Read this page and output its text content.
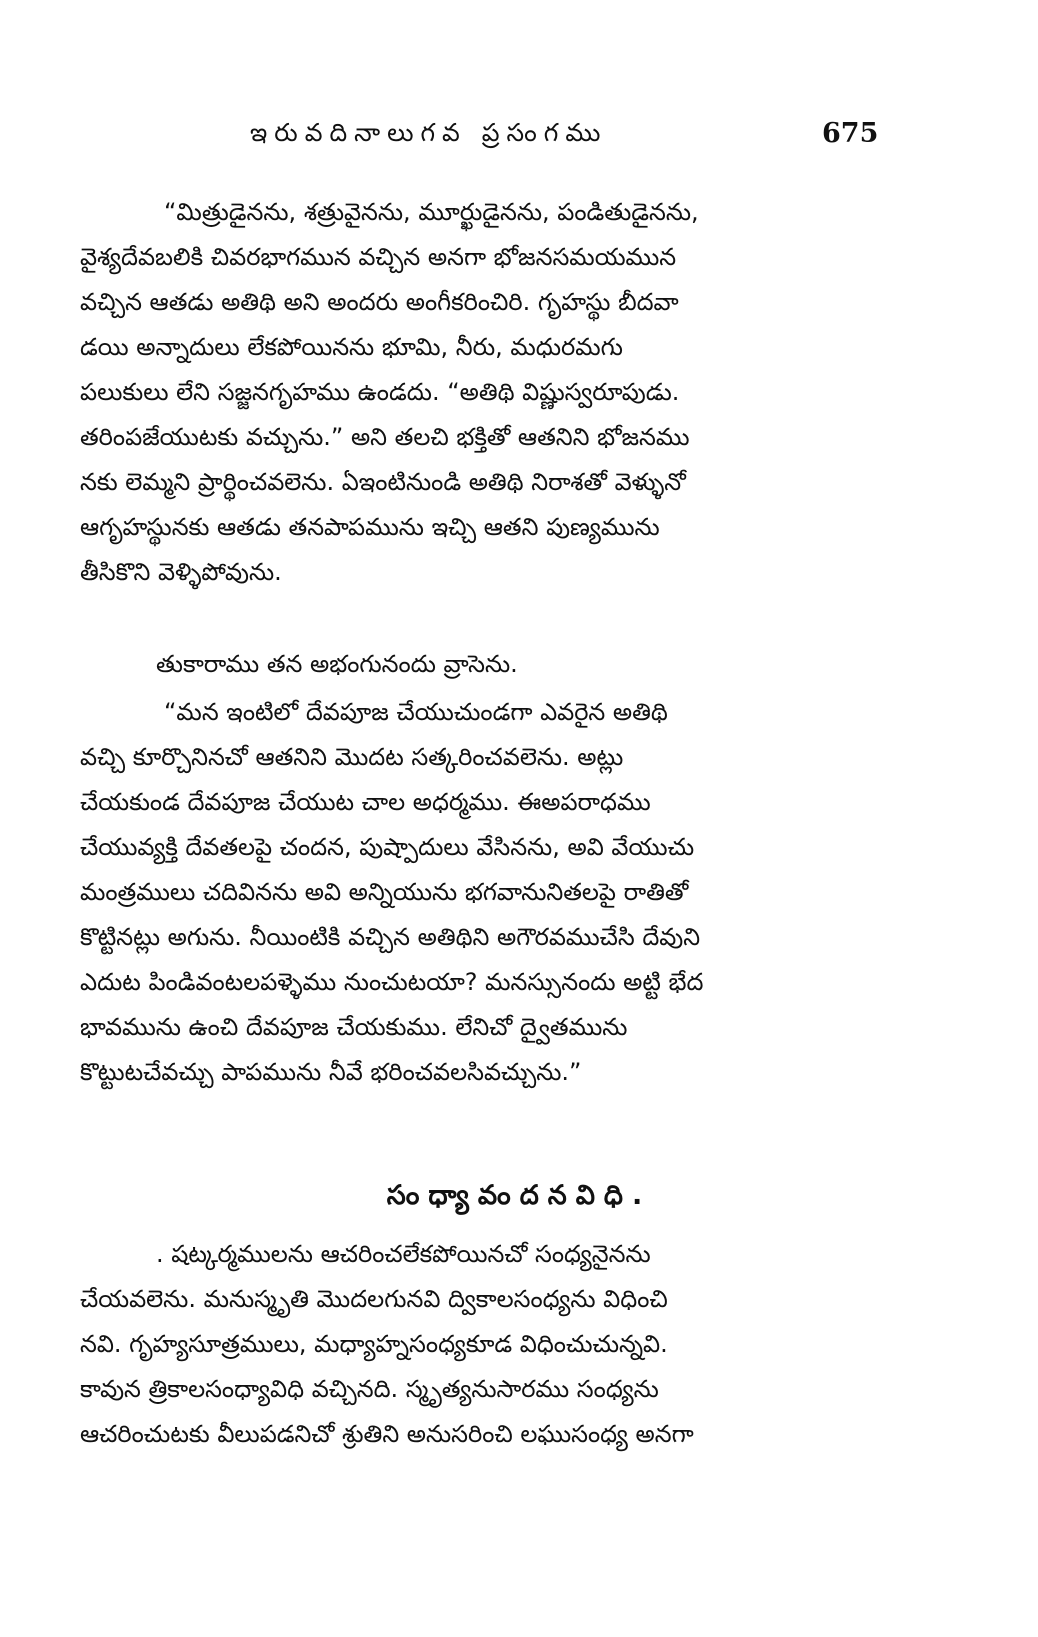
ఇరువదినాలుగవ ప్రసంగము	675
“మిత్రుడైనను, శత్రువైనను, మూర్ఖుడైనను, పండితుడైనను,
వైశ్యదేవబలికి చివరభాగమున వచ్చిన అనగా భోజనసమయమున
వచ్చిన ఆతడు అతిథి అని అందరు అంగీకరించిరి. గృహస్థు బీదవా
డయి అన్నాదులు లేకపోయినను భూమి, నీరు, మధురమగు
పలుకులు లేని సజ్జనగృహము ఉండదు. “అతిథి విష్ణుస్వరూపుడు.
తరింపజేయుటకు వచ్చును.” అని తలచి భక్తితో ఆతనిని భోజనము
నకు లెమ్మని ప్రార్థించవలెను. ఏఇంటినుండి అతిథి నిరాశతో వెళ్ళునో
ఆగృహస్థునకు ఆతడు తనపాపమును ఇచ్చి ఆతని పుణ్యమును
తీసికొని వెళ్ళిపోవును.
తుకారాము తన అభంగునందు వ్రాసెను.
“మన ఇంటిలో దేవపూజ చేయుచుండగా ఎవరైన అతిథి
వచ్చి కూర్చొనినచో ఆతనిని మొదట సత్కరించవలెను. అట్లు
చేయకుండ దేవపూజ చేయుట చాల అధర్మము. ఈఅపరాధము
చేయువ్యక్తి దేవతలపై చందన, పుష్పాదులు వేసినను, అవి వేయుచు
మంత్రములు చదివినను అవి అన్నియును భగవానునితలపై రాతితో
కొట్టినట్లు అగును. నీయింటికి వచ్చిన అతిథిని అగౌరవముచేసి దేవుని
ఎదుట పిండివంటలపళ్ళెము నుంచుటయా? మనస్సునందు అట్టి భేద
భావమును ఉంచి దేవపూజ చేయకుము. లేనిచో ద్వైతమును
కొట్టుటచేవచ్చు పాపమును నీవే భరించవలసివచ్చును.”
సంధ్యావందనవిధి.
. షట్కర్మములను ఆచరించలేకపోయినచో సంధ్యనైనను
చేయవలెను. మనుస్మృతి మొదలగునవి ద్వికాలసంధ్యను విధించి
నవి. గృహ్యసూత్రములు, మధ్యాహ్నసంధ్యకూడ విధించుచున్నవి.
కావున త్రికాలసంధ్యావిధి వచ్చినది. స్మృత్యనుసారము సంధ్యను
ఆచరించుటకు వీలుపడనిచో శ్రుతిని అనుసరించి లఘుసంధ్య అనగా
